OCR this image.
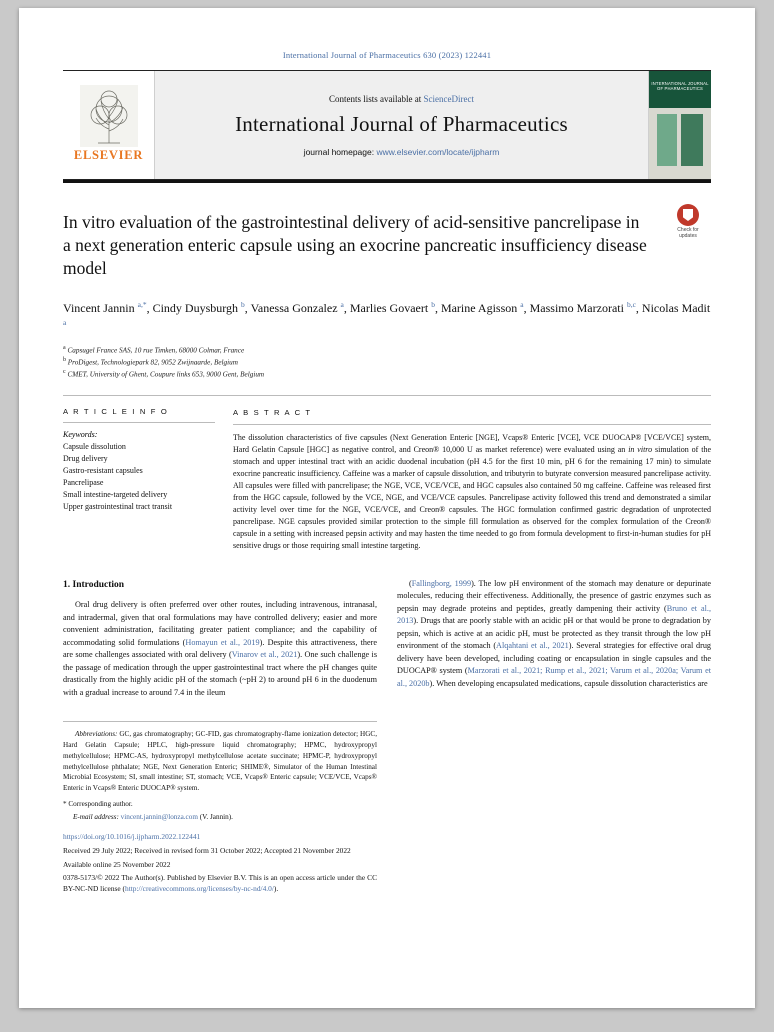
International Journal of Pharmaceutics 630 (2023) 122441
ELSEVIER
Contents lists available at ScienceDirect
International Journal of Pharmaceutics
journal homepage: www.elsevier.com/locate/ijpharm
INTERNATIONAL JOURNAL OF PHARMACEUTICS
Check for
updates
In vitro evaluation of the gastrointestinal delivery of acid-sensitive pancrelipase in a next generation enteric capsule using an exocrine pancreatic insufficiency disease model
Vincent Jannin $^{a,*}$, Cindy Duysburgh $^b$, Vanessa Gonzalez $^a$, Marlies Govaert $^b$, Marine Agisson $^a$, Massimo Marzorati $^{b,c}$, Nicolas Madit $^a$
$^a$ Capsugel France SAS, 10 rue Timken, 68000 Colmar, France
$^b$ ProDigest, Technologiepark 82, 9052 Zwijnaarde, Belgium
$^c$ CMET, University of Ghent, Coupure links 653, 9000 Gent, Belgium
A R T I C L E I N F O
Keywords:
Capsule dissolution
Drug delivery
Gastro-resistant capsules
Pancrelipase
Small intestine-targeted delivery
Upper gastrointestinal tract transit
A B S T R A C T

The dissolution characteristics of five capsules (Next Generation Enteric [NGE], Vcaps® Enteric [VCE], VCE DUOCAP® [VCE/VCE] system, Hard Gelatin Capsule [HGC] as negative control, and Creon® 10,000 U as market reference) were evaluated using an in vitro simulation of the stomach and upper intestinal tract with an acidic duodenal incubation (pH 4.5 for the first 10 min, pH 6 for the remaining 17 min) to simulate exocrine pancreatic insufficiency. Caffeine was a marker of capsule dissolution, and tributyrin to butyrate conversion measured pancrelipase activity. All capsules were filled with pancrelipase; the NGE, VCE, VCE/VCE, and HGC capsules also contained 50 mg caffeine. Caffeine was released first from the HGC capsule, followed by the VCE, NGE, and VCE/VCE capsules. Pancrelipase activity followed this trend and demonstrated a similar activity level over time for the NGE, VCE/VCE, and Creon® capsules. The HGC formulation confirmed gastric degradation of unprotected pancrelipase. NGE capsules provided similar protection to the simple fill formulation as observed for the complex formulation of the Creon® capsule in a setting with increased pepsin activity and may hasten the time needed to go from formula development to first-in-human studies for pH sensitive drugs or those requiring small intestine targeting.

1. Introduction

Oral drug delivery is often preferred over other routes, including intravenous, intranasal, and intradermal, given that oral formulations may have controlled delivery; easier and more convenient administration, facilitating greater patient compliance; and the capability of accommodating solid formulations (Homayun et al., 2019). Despite this attractiveness, there are some challenges associated with oral delivery (Vinarov et al., 2021). One such challenge is the passage of medication through the upper gastrointestinal tract where the pH changes quite drastically from the highly acidic pH of the stomach (~pH 2) to around pH 6 in the duodenum with a gradual increase to around 7.4 in the ileum

(Fallingborg, 1999). The low pH environment of the stomach may denature or depurinate molecules, reducing their effectiveness. Additionally, the presence of gastric enzymes such as pepsin may degrade proteins and peptides, greatly dampening their activity (Bruno et al., 2013). Drugs that are poorly stable with an acidic pH or that would be prone to degradation by pepsin, which is active at an acidic pH, must be protected as they transit through the low pH environment of the stomach (Alqahtani et al., 2021). Several strategies for effective oral drug delivery have been developed, including coating or encapsulation in single capsules and the DUOCAP® system (Marzorati et al., 2021; Rump et al., 2021; Varum et al., 2020a; Varum et al., 2020b). When developing encapsulated medications, capsule dissolution characteristics are

Abbreviations: GC, gas chromatography; GC-FID, gas chromatography-flame ionization detector; HGC, Hard Gelatin Capsule; HPLC, high-pressure liquid chromatography; HPMC, hydroxypropyl methylcellulose; HPMC-AS, hydroxypropyl methylcellulose acetate succinate; HPMC-P, hydroxypropyl methylcellulose phthalate; NGE, Next Generation Enteric; SHIME®, Simulator of the Human Intestinal Microbial Ecosystem; SI, small intestine; ST, stomach; VCE, Vcaps® Enteric capsule; VCE/VCE, Vcaps® Enteric in Vcaps® Enteric DUOCAP® system.
* Corresponding author.
E-mail address: vincent.jannin@lonza.com (V. Jannin).
https://doi.org/10.1016/j.ijpharm.2022.122441
Received 29 July 2022; Received in revised form 31 October 2022; Accepted 21 November 2022
Available online 25 November 2022
0378-5173/© 2022 The Author(s). Published by Elsevier B.V. This is an open access article under the CC BY-NC-ND license (http://creativecommons.org/licenses/by-nc-nd/4.0/).
